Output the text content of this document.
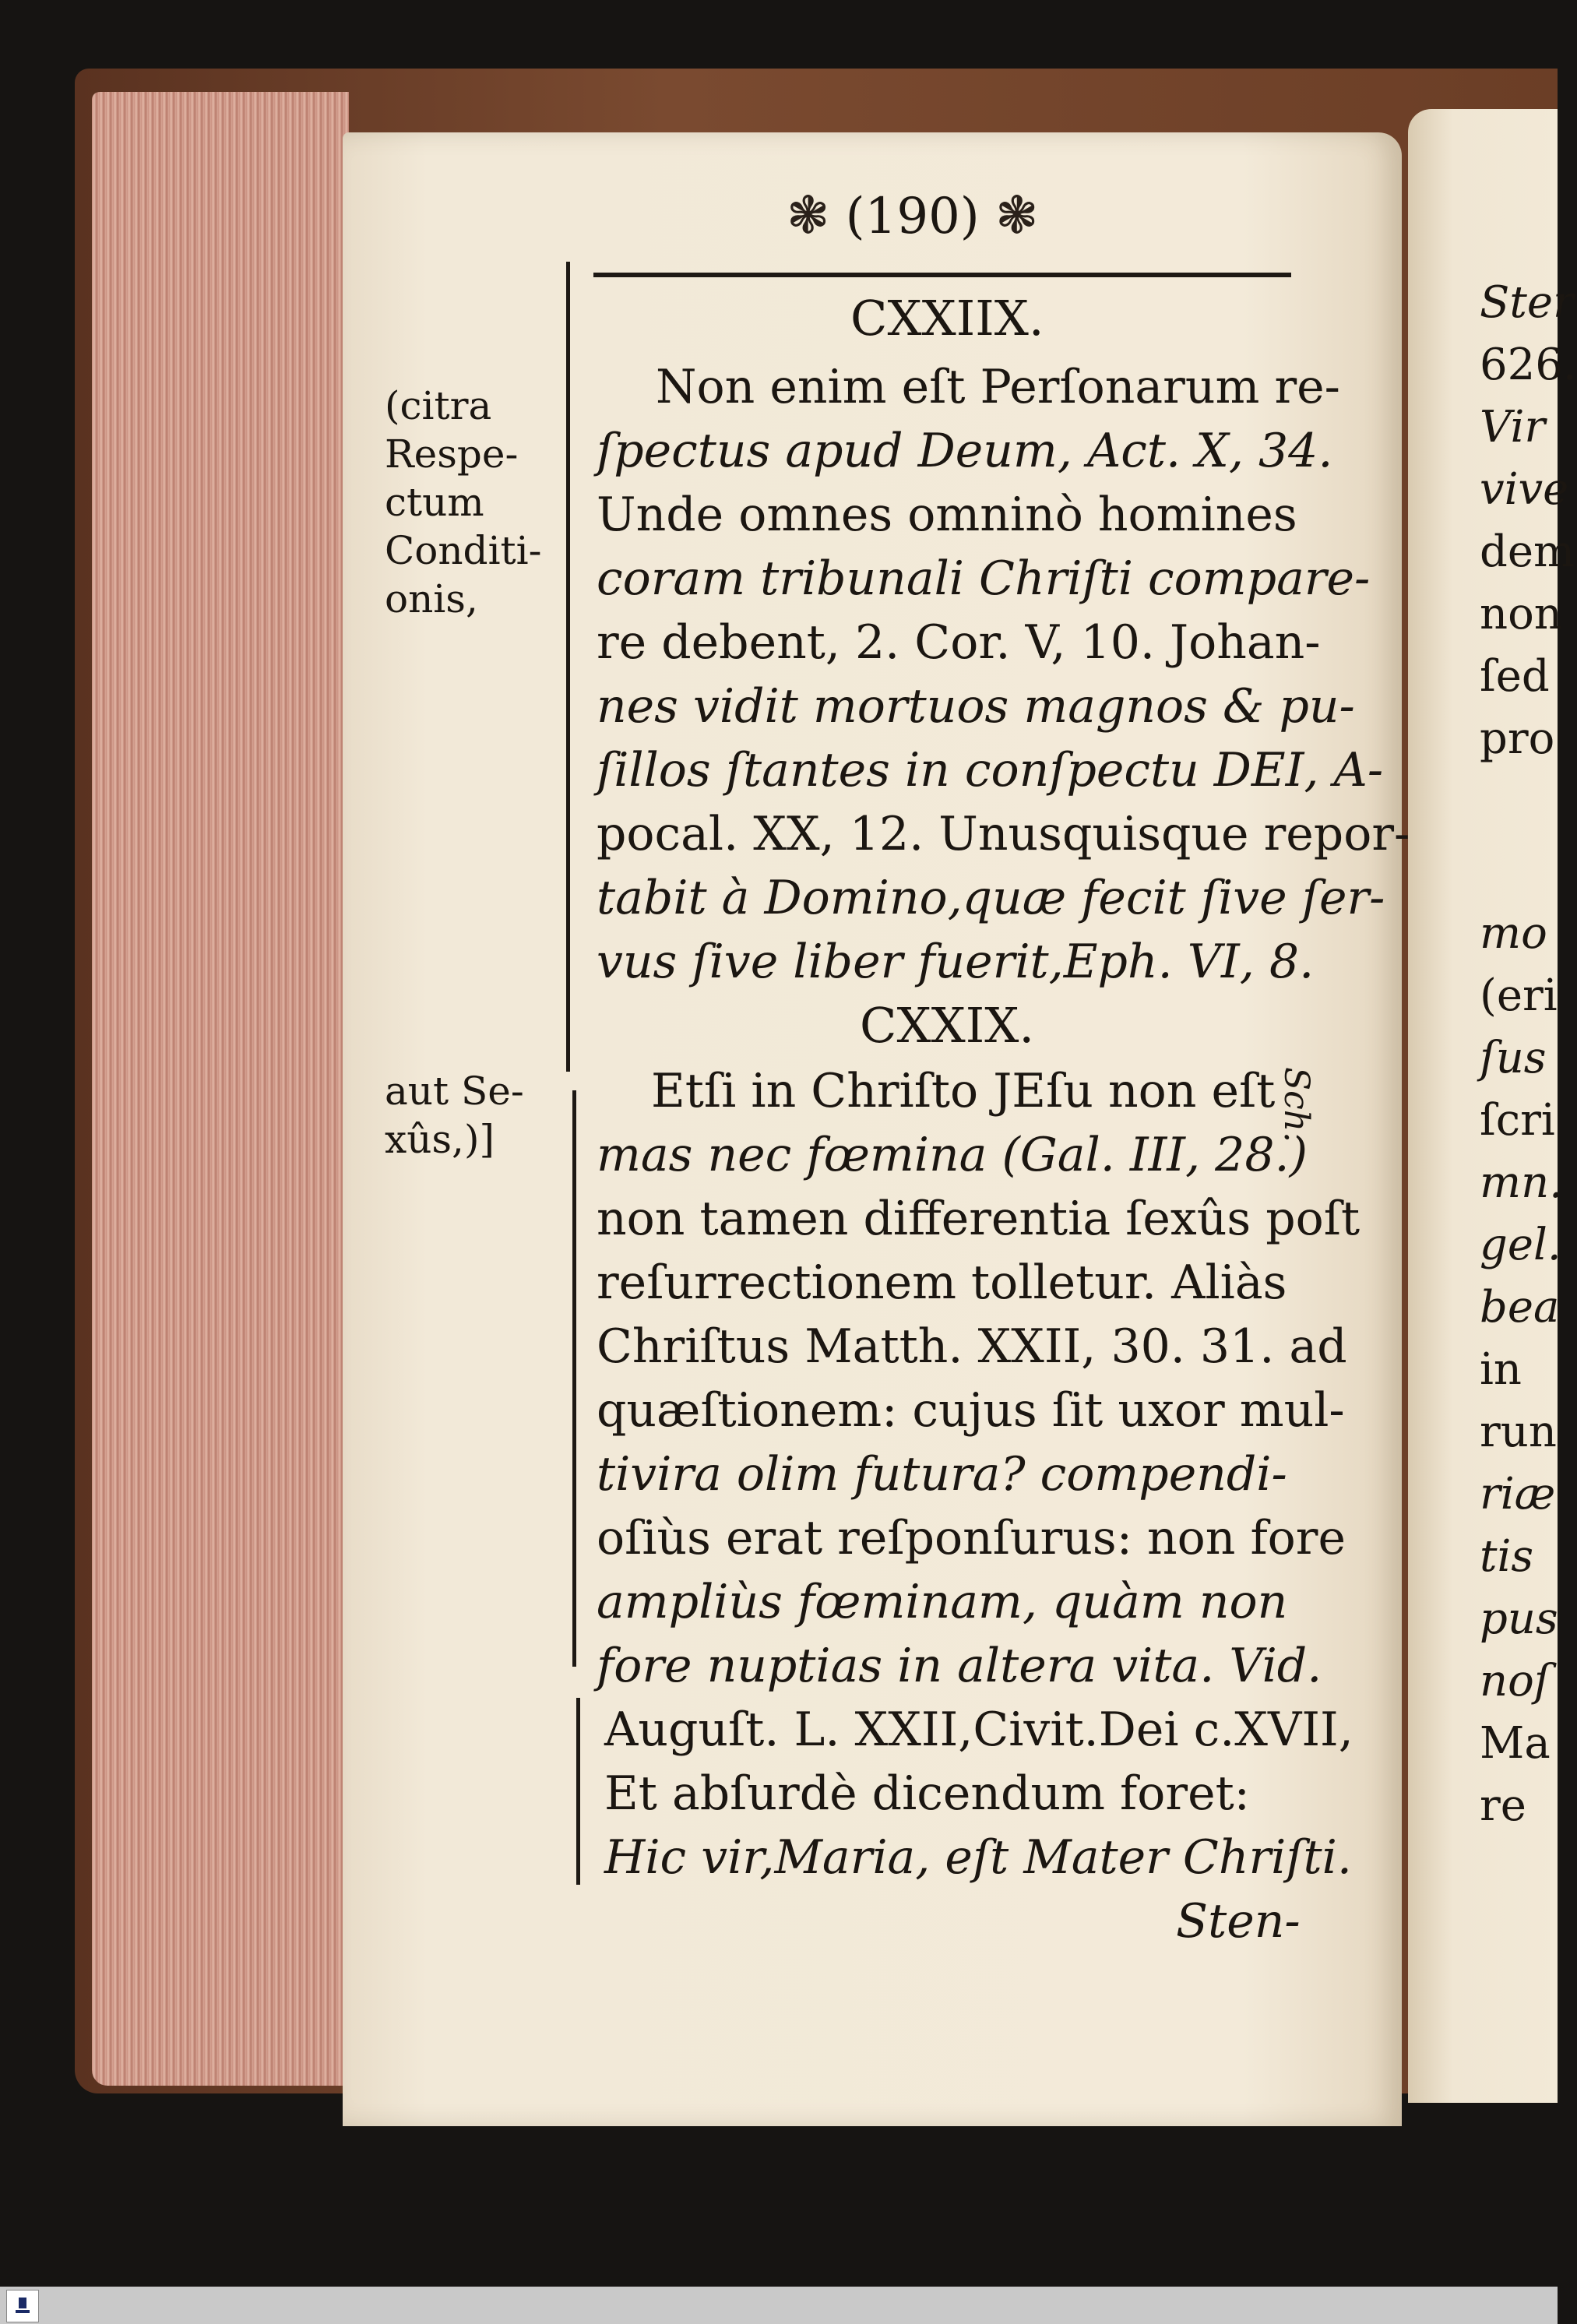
❃ (190) ❃
(citra Respe-ctum Conditi-onis,
aut Se-xûs,)]	Sch.
CXXIIX.
Non enim eſt Perſonarum re-
ſpectus apud Deum, Act. X, 34.
Unde omnes omninò homines
coram tribunali Chriſti compare-
re debent, 2. Cor. V, 10. Johan-
nes vidit mortuos magnos & pu-
ſillos ſtantes in conſpectu DEI, A-
pocal. XX, 12. Unusquisque repor-
tabit à Domino,quæ fecit ſive ſer-
vus ſive liber fuerit,Eph. VI, 8.
CXXIX.
Etſi in Chriſto JEſu non eſt
mas nec fœmina (Gal. III, 28.)
non tamen differentia ſexûs poſt
reſurrectionem tolletur. Aliàs
Chriſtus Matth. XXII, 30. 31. ad
quæſtionem: cujus ſit uxor mul-
tivira olim futura? compendi-
oſiùs erat reſponſurus: non fore
ampliùs fœminam, quàm non
fore nuptias in altera vita. Vid.
Auguſt. L. XXII,Civit.Dei c.XVII,
Et abſurdè dicendum foret:
Hic vir,Maria, eſt Mater Chriſti.
Sten-
Ster
626.
Vir
vive
dem
non
ſed
pro
mo
(eri
ſus
ſcri
mn.
gel.
bea
in
run
riæ
tis
pus
noſ
Ma
re
